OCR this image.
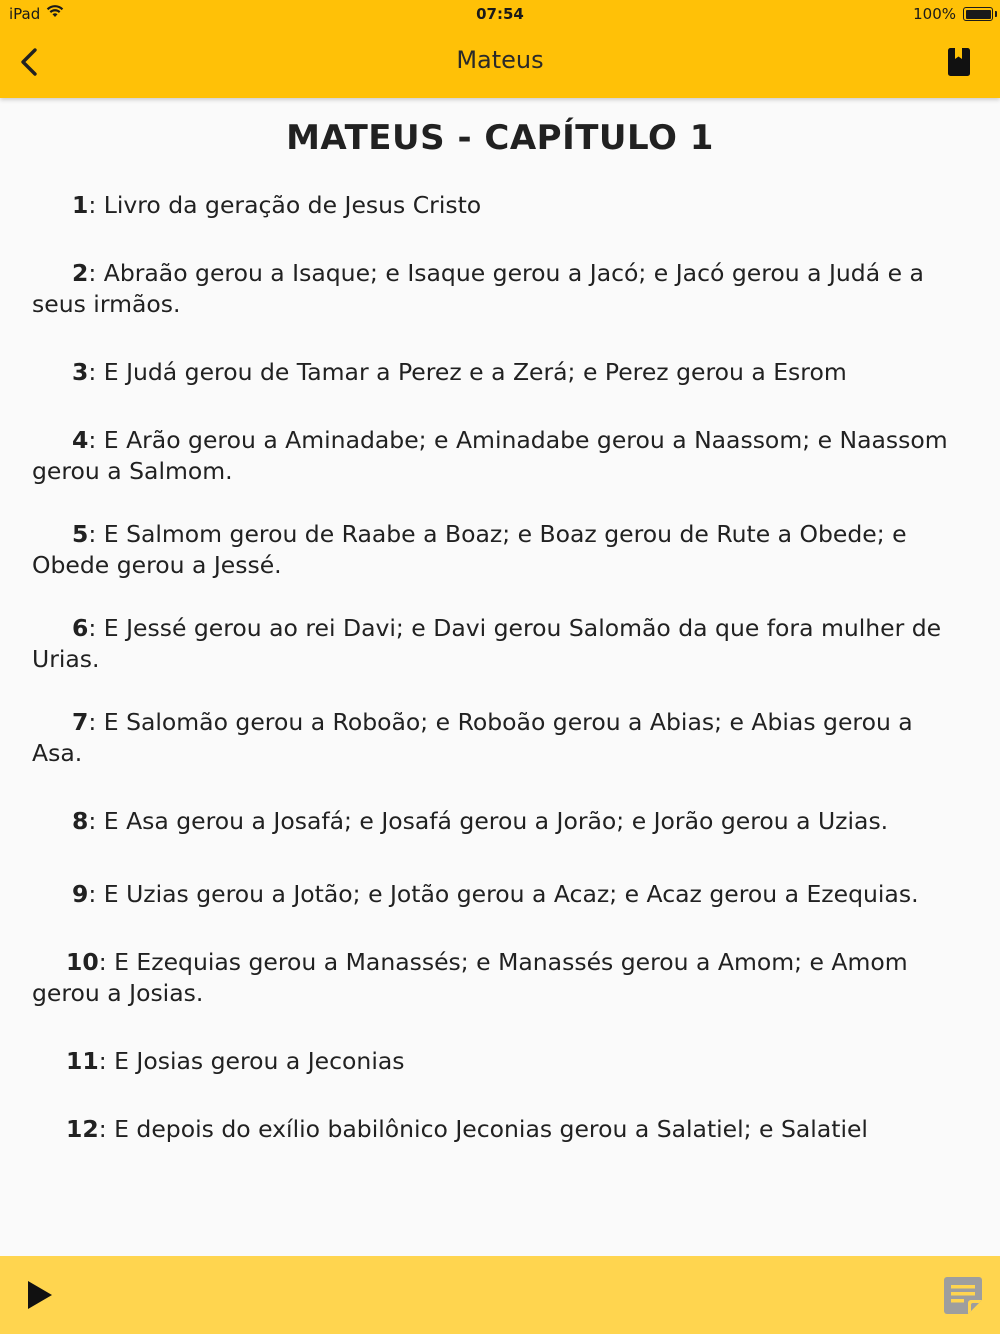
iPad	07:54	100%
Mateus
MATEUS - CAPÍTULO 1

1: Livro da geração de Jesus Cristo

2: Abraão gerou a Isaque; e Isaque gerou a Jacó; e Jacó gerou a Judá e a seus irmãos.

3: E Judá gerou de Tamar a Perez e a Zerá; e Perez gerou a Esrom

4: E Arão gerou a Aminadabe; e Aminadabe gerou a Naassom; e Naassom gerou a Salmom.

5: E Salmom gerou de Raabe a Boaz; e Boaz gerou de Rute a Obede; e Obede gerou a Jessé.

6: E Jessé gerou ao rei Davi; e Davi gerou Salomão da que fora mulher de Urias.

7: E Salomão gerou a Roboão; e Roboão gerou a Abias; e Abias gerou a Asa.

8: E Asa gerou a Josafá; e Josafá gerou a Jorão; e Jorão gerou a Uzias.

9: E Uzias gerou a Jotão; e Jotão gerou a Acaz; e Acaz gerou a Ezequias.

10: E Ezequias gerou a Manassés; e Manassés gerou a Amom; e Amom gerou a Josias.

11: E Josias gerou a Jeconias

12: E depois do exílio babilônico Jeconias gerou a Salatiel; e Salatiel
